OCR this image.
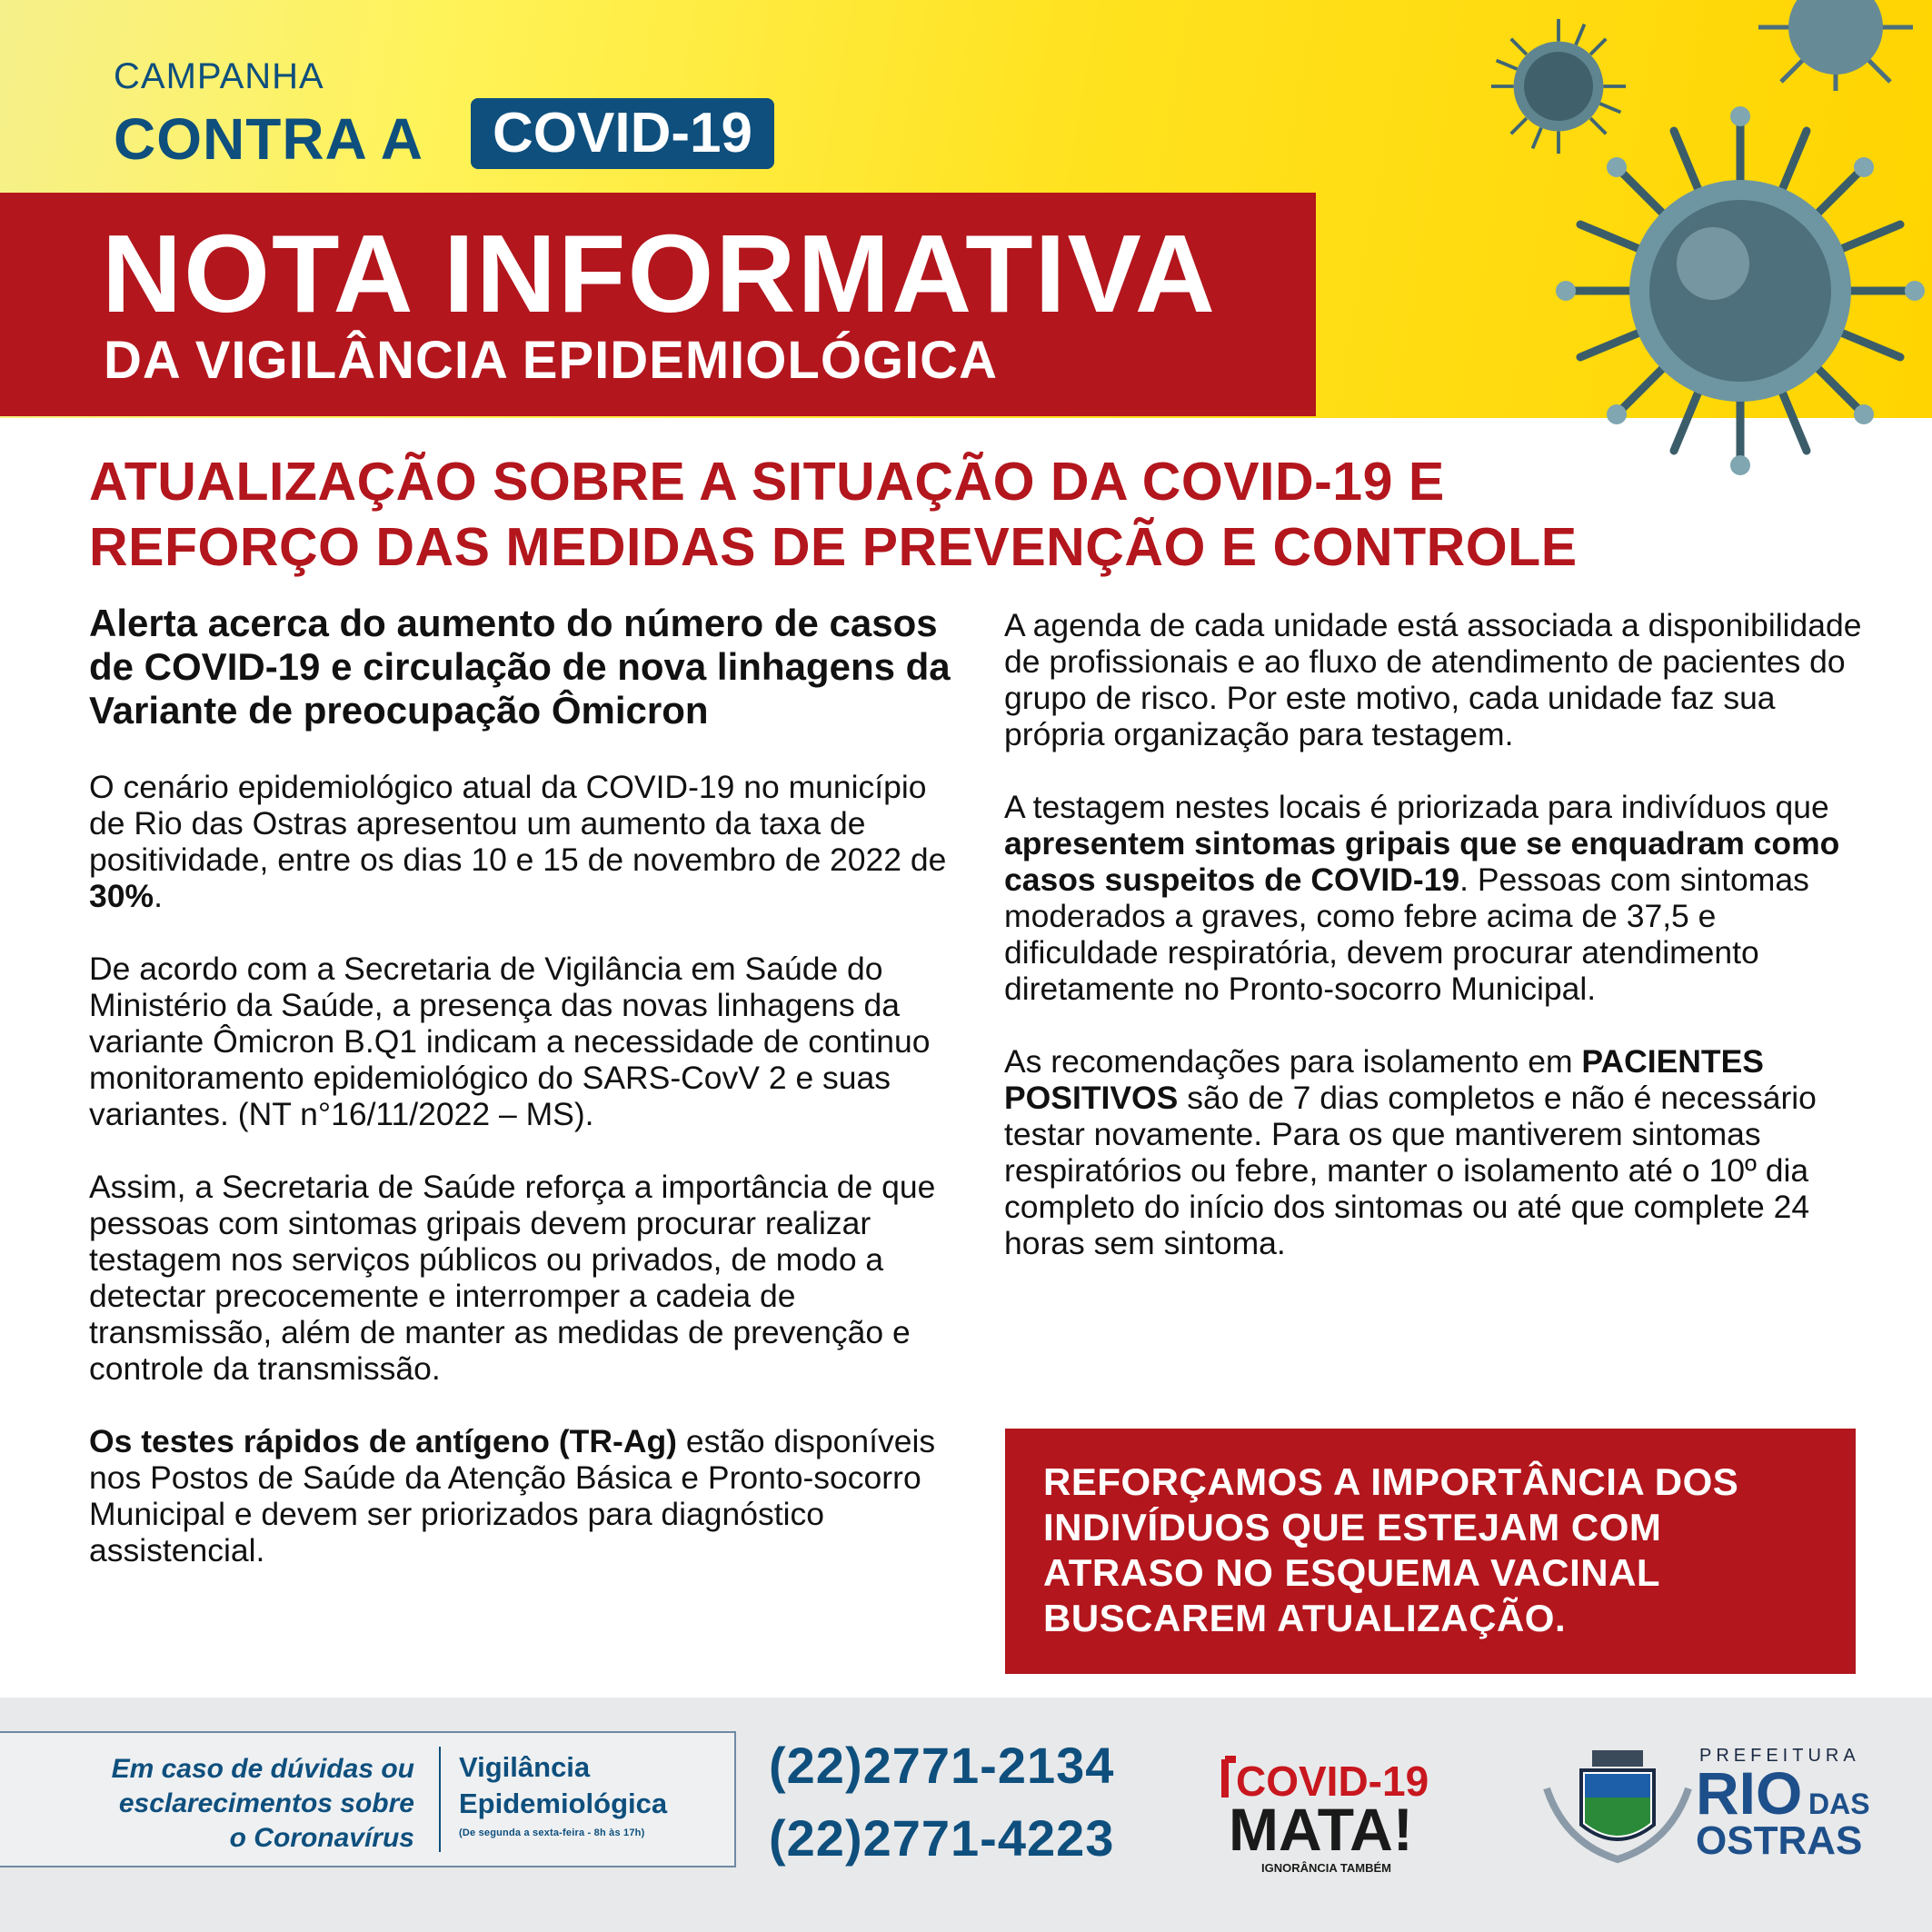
CAMPANHA
CONTRA A	COVID-19
NOTA INFORMATIVA
DA VIGILÂNCIA EPIDEMIOLÓGICA
ATUALIZAÇÃO SOBRE A SITUAÇÃO DA COVID-19 E
REFORÇO DAS MEDIDAS DE PREVENÇÃO E CONTROLE
Alerta acerca do aumento do número de casos de COVID-19 e circulação de nova linhagens da Variante de preocupação Ômicron

O cenário epidemiológico atual da COVID-19 no município de Rio das Ostras apresentou um aumento da taxa de positividade, entre os dias 10 e 15 de novembro de 2022 de 30%.

De acordo com a Secretaria de Vigilância em Saúde do Ministério da Saúde, a presença das novas linhagens da variante Ômicron B.Q1 indicam a necessidade de continuo monitoramento epidemiológico do SARS-CovV 2 e suas variantes. (NT n°16/11/2022 – MS).

Assim, a Secretaria de Saúde reforça a importância de que pessoas com sintomas gripais devem procurar realizar testagem nos serviços públicos ou privados, de modo a detectar precocemente e interromper a cadeia de transmissão, além de manter as medidas de prevenção e controle da transmissão.

Os testes rápidos de antígeno (TR-Ag) estão disponíveis nos Postos de Saúde da Atenção Básica e Pronto-socorro Municipal e devem ser priorizados para diagnóstico assistencial.

A agenda de cada unidade está associada a disponibilidade de profissionais e ao fluxo de atendimento de pacientes do grupo de risco. Por este motivo, cada unidade faz sua própria organização para testagem.

A testagem nestes locais é priorizada para indivíduos que apresentem sintomas gripais que se enquadram como casos suspeitos de COVID-19. Pessoas com sintomas moderados a graves, como febre acima de 37,5 e dificuldade respiratória, devem procurar atendimento diretamente no Pronto-socorro Municipal.

As recomendações para isolamento em PACIENTES POSITIVOS são de 7 dias completos e não é necessário testar novamente. Para os que mantiverem sintomas respiratórios ou febre, manter o isolamento até o 10º dia completo do início dos sintomas ou até que complete 24 horas sem sintoma.

REFORÇAMOS A IMPORTÂNCIA DOS INDIVÍDUOS QUE ESTEJAM COM ATRASO NO ESQUEMA VACINAL BUSCAREM ATUALIZAÇÃO.
Em caso de dúvidas ou
esclarecimentos sobre
o Coronavírus
Vigilância
Epidemiológica
(De segunda a sexta-feira - 8h às 17h)
(22)2771-2134
(22)2771-4223
COVID-19
MATA!
IGNORÂNCIA TAMBÉM
PREFEITURA
RIO DAS
OSTRAS
